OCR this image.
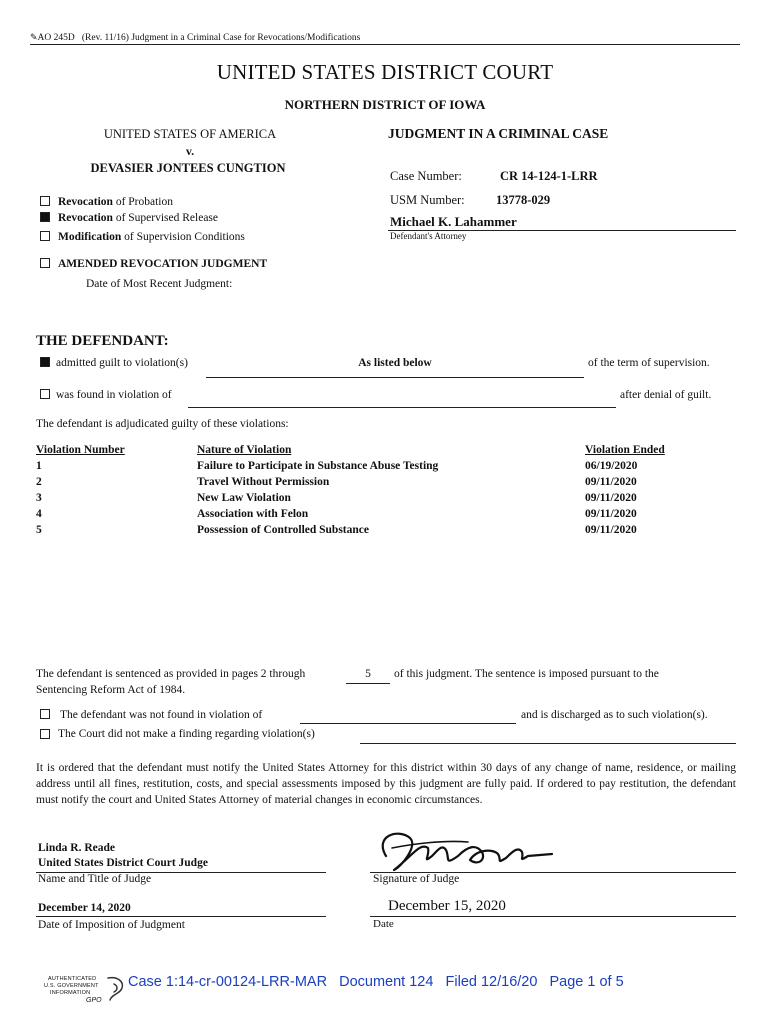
✎AO 245D (Rev. 11/16) Judgment in a Criminal Case for Revocations/Modifications
UNITED STATES DISTRICT COURT
NORTHERN DISTRICT OF IOWA
UNITED STATES OF AMERICA
v.
DEVASIER JONTEES CUNGTION
JUDGMENT IN A CRIMINAL CASE
Case Number:	CR 14-124-1-LRR
USM Number:	13778-029
Michael K. Lahammer
Defendant's Attorney
Revocation of Probation
Revocation of Supervised Release
Modification of Supervision Conditions
AMENDED REVOCATION JUDGMENT
Date of Most Recent Judgment:
THE DEFENDANT:
admitted guilt to violation(s)	As listed below	of the term of supervision.
was found in violation of	after denial of guilt.
The defendant is adjudicated guilty of these violations:
Violation Number	Nature of Violation	Violation Ended
1	Failure to Participate in Substance Abuse Testing	06/19/2020
2	Travel Without Permission	09/11/2020
3	New Law Violation	09/11/2020
4	Association with Felon	09/11/2020
5	Possession of Controlled Substance	09/11/2020
The defendant is sentenced as provided in pages 2 through	5	of this judgment. The sentence is imposed pursuant to the
Sentencing Reform Act of 1984.
The defendant was not found in violation of	and is discharged as to such violation(s).
The Court did not make a finding regarding violation(s)
It is ordered that the defendant must notify the United States Attorney for this district within 30 days of any change of name, residence, or mailing address until all fines, restitution, costs, and special assessments imposed by this judgment are fully paid. If ordered to pay restitution, the defendant must notify the court and United States Attorney of material changes in economic circumstances.
Linda R. Reade
United States District Court Judge
Name and Title of Judge	Signature of Judge
December 14, 2020
Date of Imposition of Judgment
December 15, 2020
Date
AUTHENTICATED
U.S. GOVERNMENT
INFORMATION
GPO
Case 1:14-cr-00124-LRR-MAR   Document 124   Filed 12/16/20   Page 1 of 5
